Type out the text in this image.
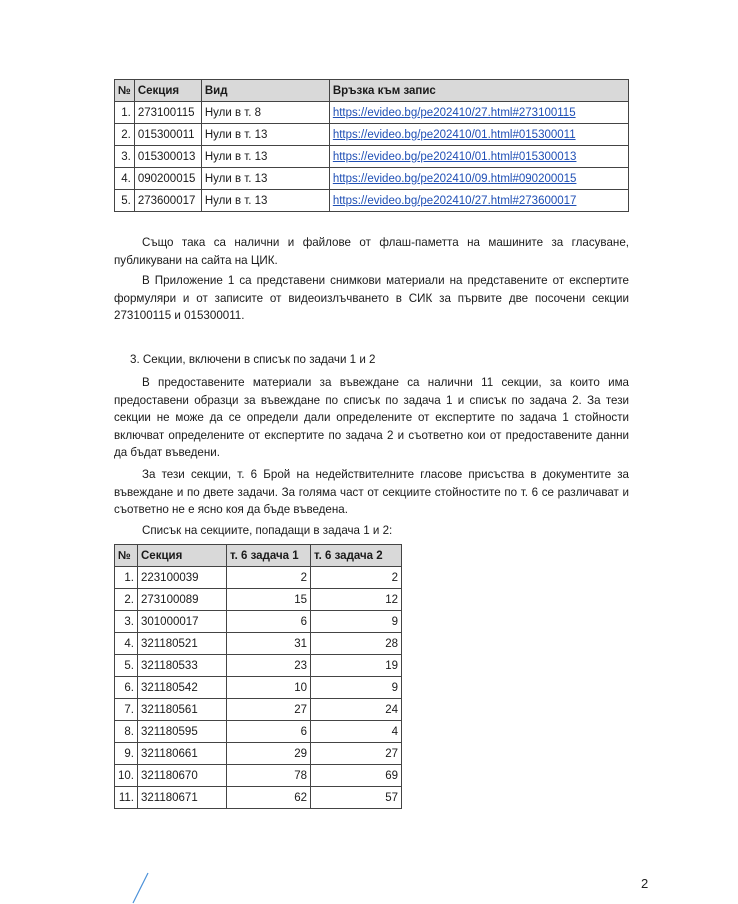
№	Секция	Вид	Връзка към запис
1.	273100115	Нули в т. 8	https://evideo.bg/pe202410/27.html#273100115
2.	015300011	Нули в т. 13	https://evideo.bg/pe202410/01.html#015300011
3.	015300013	Нули в т. 13	https://evideo.bg/pe202410/01.html#015300013
4.	090200015	Нули в т. 13	https://evideo.bg/pe202410/09.html#090200015
5.	273600017	Нули в т. 13	https://evideo.bg/pe202410/27.html#273600017

Също така са налични и файлове от флаш-паметта на машините за гласуване, публикувани на сайта на ЦИК.

В Приложение 1 са представени снимкови материали на представените от експертите формуляри и от записите от видеоизлъчването в СИК за първите две посочени секции 273100115 и 015300011.

3. Секции, включени в списък по задачи 1 и 2

В предоставените материали за въвеждане са налични 11 секции, за които има предоставени образци за въвеждане по списък по задача 1 и списък по задача 2. За тези секции не може да се определи дали определените от експертите по задача 1 стойности включват определените от експертите по задача 2 и съответно кои от предоставените данни да бъдат въведени.

За тези секции, т. 6 Брой на недействителните гласове присъства в документите за въвеждане и по двете задачи. За голяма част от секциите стойностите по т. 6 се различават и съответно не е ясно коя да бъде въведена.

Списък на секциите, попадащи в задача 1 и 2:

№	Секция	т. 6 задача 1	т. 6 задача 2
1.	223100039	2	2
2.	273100089	15	12
3.	301000017	6	9
4.	321180521	31	28
5.	321180533	23	19
6.	321180542	10	9
7.	321180561	27	24
8.	321180595	6	4
9.	321180661	29	27
10.	321180670	78	69
11.	321180671	62	57
2
